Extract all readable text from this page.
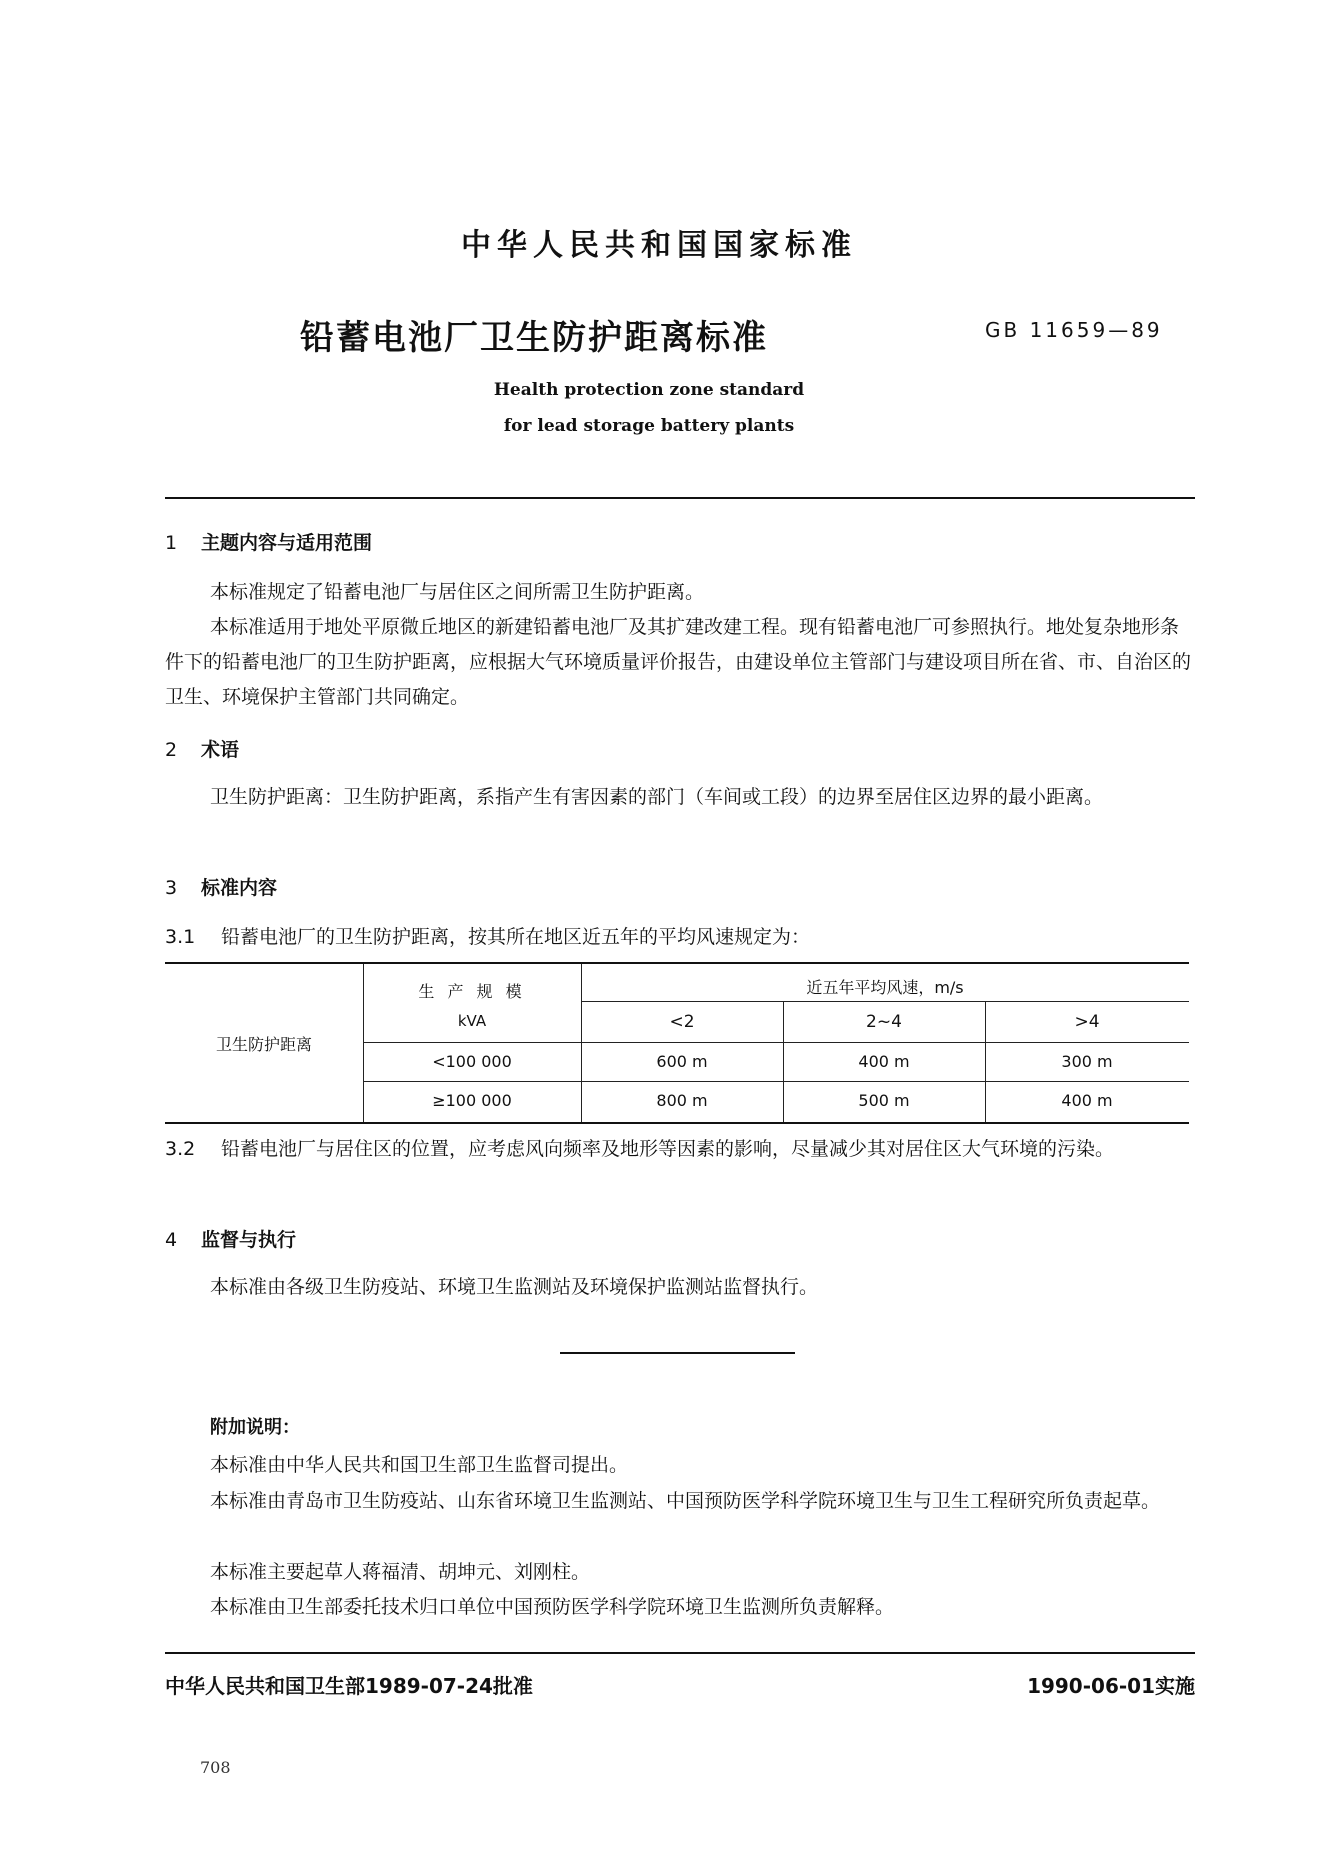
中华人民共和国国家标准
铅蓄电池厂卫生防护距离标准	GB 11659—89
Health protection zone standard
for lead storage battery plants
1 主题内容与适用范围
本标准规定了铅蓄电池厂与居住区之间所需卫生防护距离。
本标准适用于地处平原微丘地区的新建铅蓄电池厂及其扩建改建工程。现有铅蓄电池厂可参照执行。地处复杂地形条件下的铅蓄电池厂的卫生防护距离，应根据大气环境质量评价报告，由建设单位主管部门与建设项目所在省、市、自治区的卫生、环境保护主管部门共同确定。
2 术语
卫生防护距离：卫生防护距离，系指产生有害因素的部门（车间或工段）的边界至居住区边界的最小距离。
3 标准内容
3.1 铅蓄电池厂的卫生防护距离，按其所在地区近五年的平均风速规定为：
卫生防护距离
生 产 规 模
kVA
近五年平均风速，m/s
<2	2~4	>4
<100 000	600 m	400 m	300 m
≥100 000	800 m	500 m	400 m
3.2 铅蓄电池厂与居住区的位置，应考虑风向频率及地形等因素的影响，尽量减少其对居住区大气环境的污染。
4 监督与执行
本标准由各级卫生防疫站、环境卫生监测站及环境保护监测站监督执行。
附加说明：
本标准由中华人民共和国卫生部卫生监督司提出。
本标准由青岛市卫生防疫站、山东省环境卫生监测站、中国预防医学科学院环境卫生与卫生工程研究所负责起草。
本标准主要起草人蒋福清、胡坤元、刘刚柱。
本标准由卫生部委托技术归口单位中国预防医学科学院环境卫生监测所负责解释。
中华人民共和国卫生部1989-07-24批准	1990-06-01实施
708
